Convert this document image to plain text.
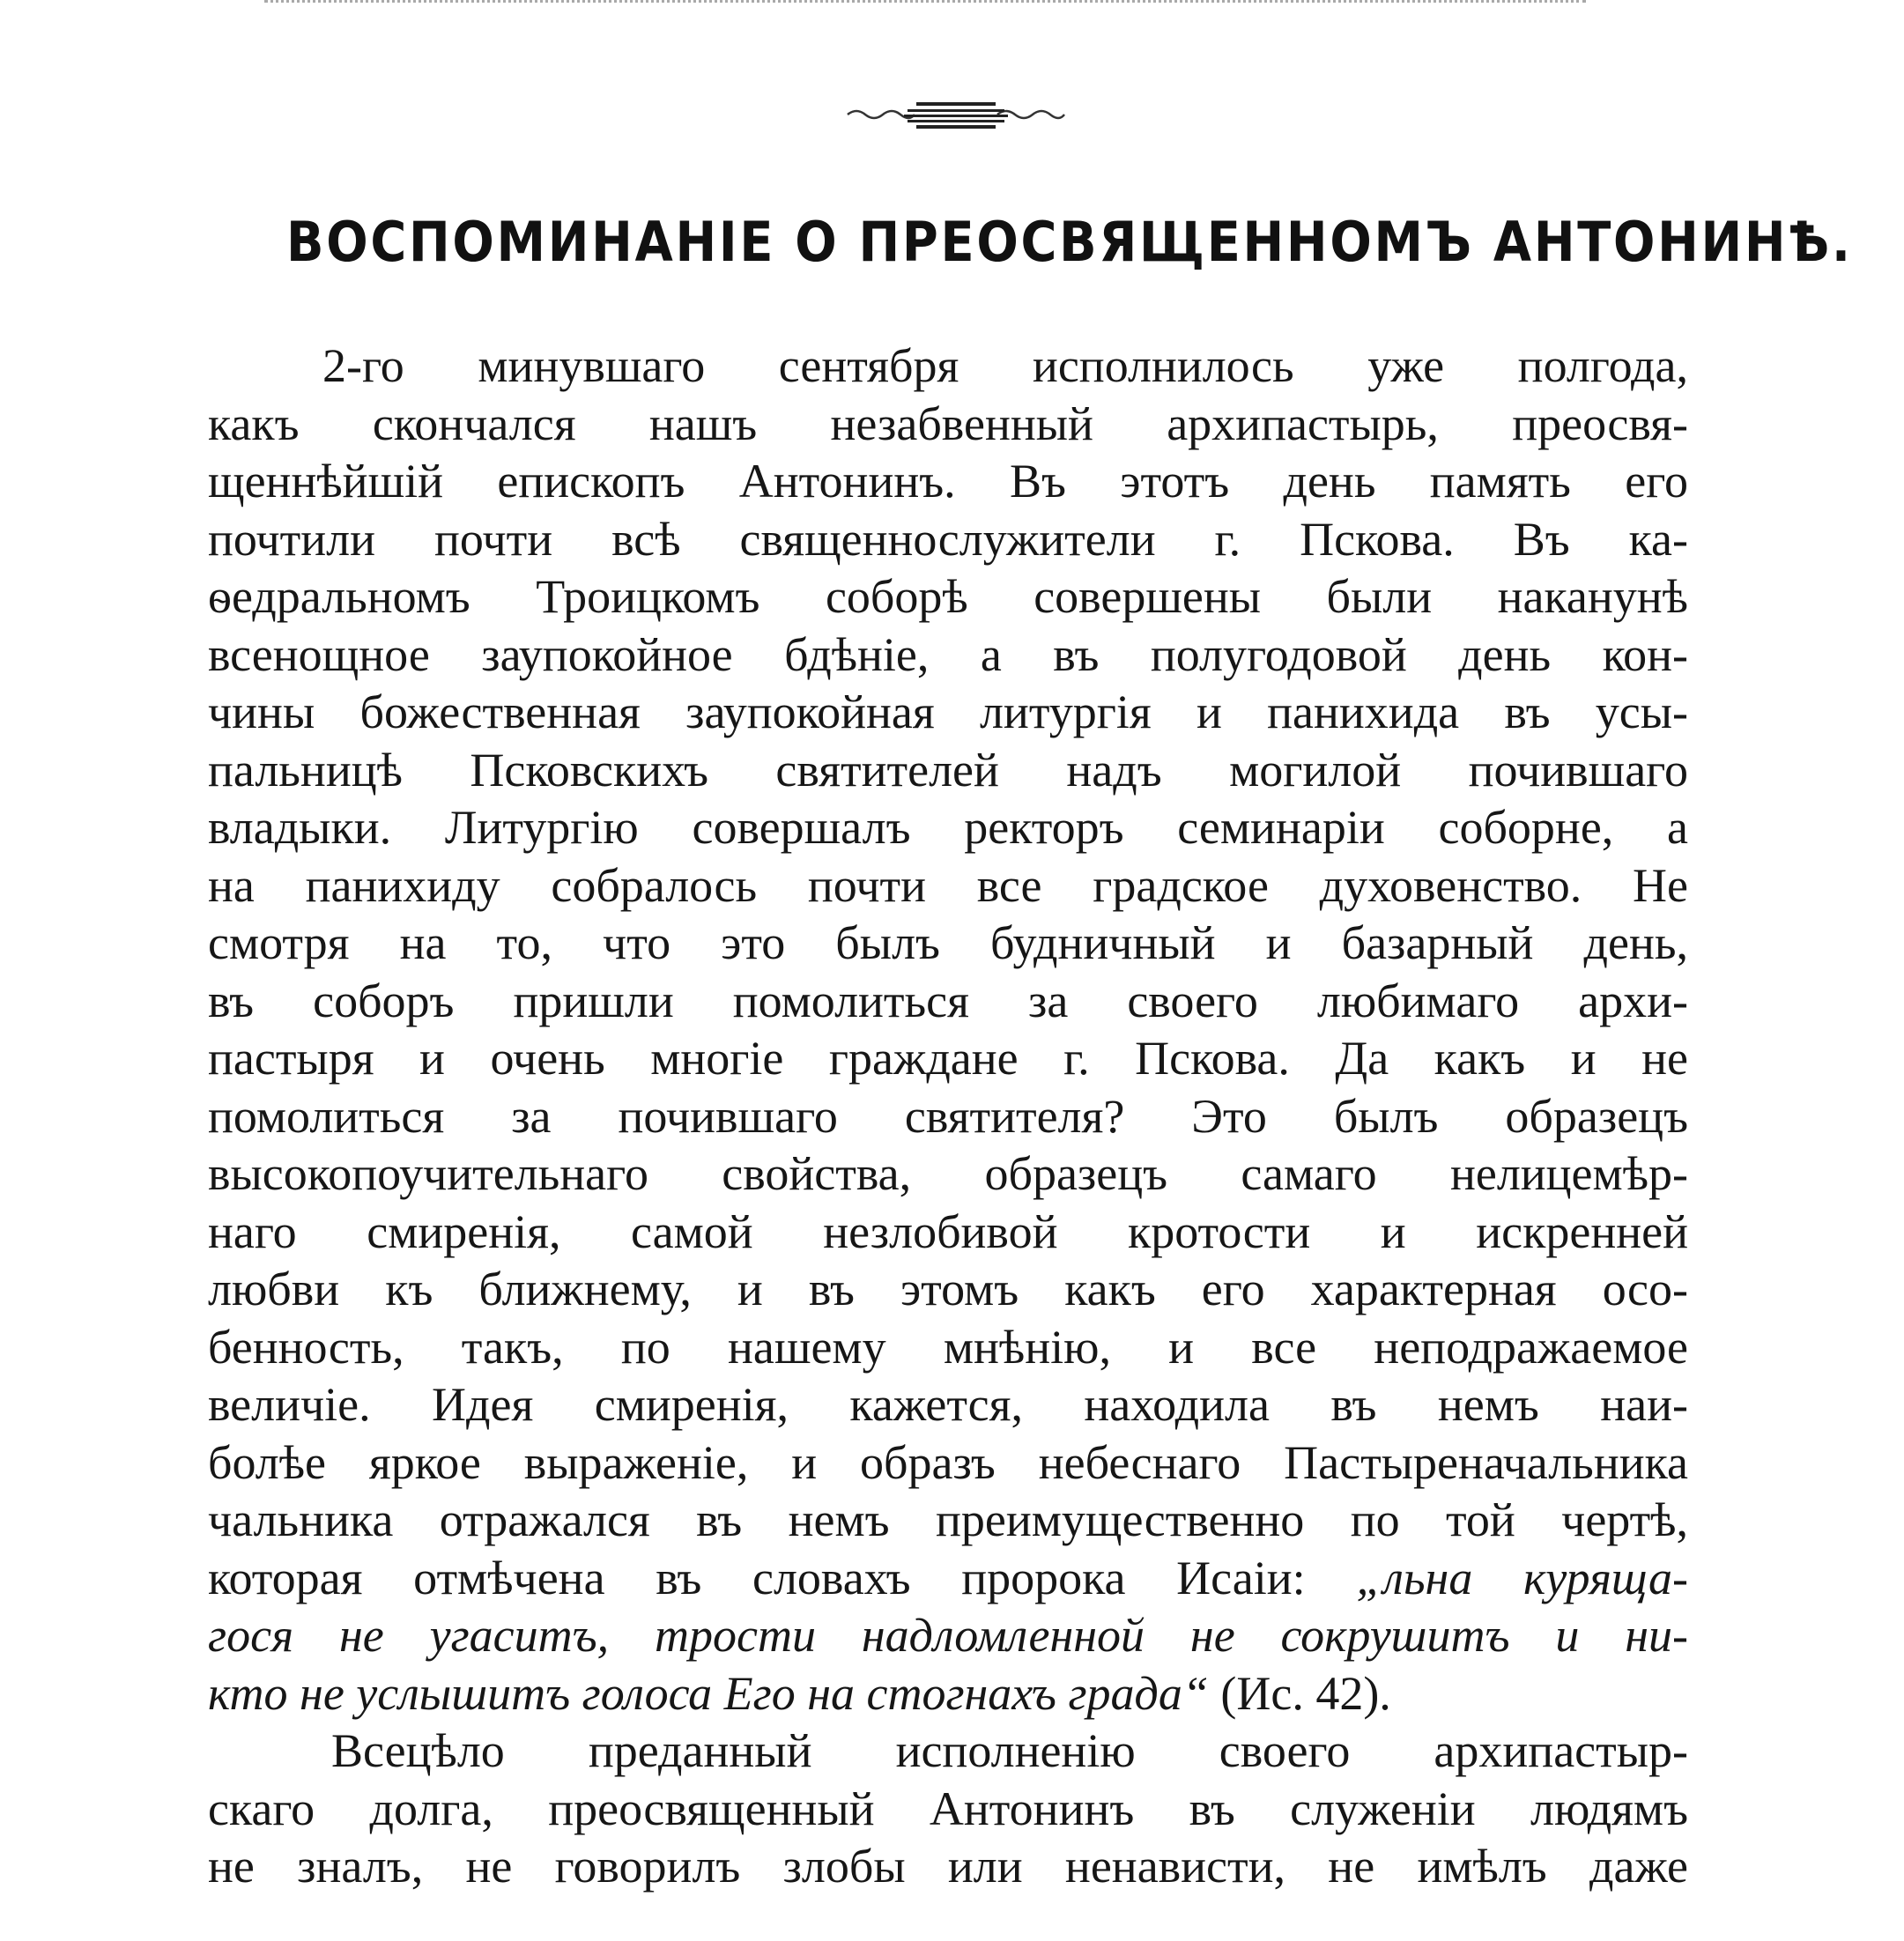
ВОСПОМИНАНІЕ О ПРЕОСВЯЩЕННОМЪ АНТОНИНѢ.
2-го минувшаго сентября исполнилось уже полгода,
какъ скончался нашъ незабвенный архипастырь, преосвя-
щеннѣйшій епископъ Антонинъ. Въ этотъ день память его
почтили почти всѣ священнослужители г. Пскова. Въ ка-
ѳедральномъ Троицкомъ соборѣ совершены были наканунѣ
всенощное заупокойное бдѣніе, а въ полугодовой день кон-
чины божественная заупокойная литургія и панихида въ усы-
пальницѣ Псковскихъ святителей надъ могилой почившаго
владыки. Литургію совершалъ ректоръ семинаріи соборне, а
на панихиду собралось почти все градское духовенство. Не
смотря на то, что это былъ будничный и базарный день,
въ соборъ пришли помолиться за своего любимаго архи-
пастыря и очень многіе граждане г. Пскова. Да какъ и не
помолиться за почившаго святителя? Это былъ образецъ
высокопоучительнаго свойства, образецъ самаго нелицемѣр-
наго смиренія, самой незлобивой кротости и искренней
любви къ ближнему, и въ этомъ какъ его характерная осо-
бенность, такъ, по нашему мнѣнію, и все неподражаемое
величіе. Идея смиренія, кажется, находила въ немъ наи-
болѣе яркое выраженіе, и образъ небеснаго Пастыреначальника
чальника отражался въ немъ преимущественно по той чертѣ,
которая отмѣчена въ словахъ пророка Исаіи: „льна куряща-
гося не угаситъ, трости надломленной не сокрушитъ и ни-
кто не услышитъ голоса Его на стогнахъ града“ (Ис. 42).
Всецѣло преданный исполненію своего архипастыр-
скаго долга, преосвященный Антонинъ въ служеніи людямъ
не зналъ, не говорилъ злобы или ненависти, не имѣлъ даже
